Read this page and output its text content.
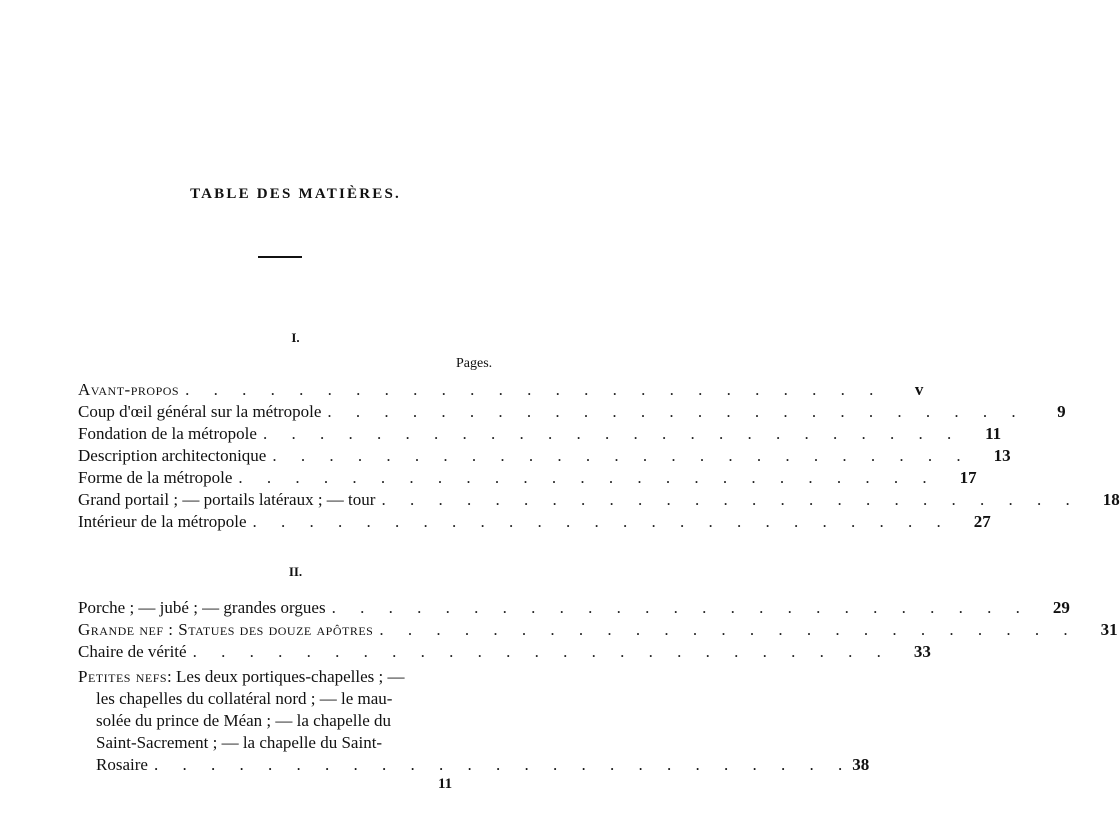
TABLE DES MATIÈRES.
I.
Pages.
Avant-propos . . . . . . . . . . . . . . . . . . . . . . . . .	v
Coup d'œil général sur la métropole . . . . . . . . . . . . . . . . . . . . . . . . .	9
Fondation de la métropole . . . . . . . . . . . . . . . . . . . . . . . . .	11
Description architectonique . . . . . . . . . . . . . . . . . . . . . . . . .	13
Forme de la métropole . . . . . . . . . . . . . . . . . . . . . . . . .	17
Grand portail ; — portails latéraux ; — tour . . . . . . . . . . . . . . . . . . . . . . . . .	18
Intérieur de la métropole . . . . . . . . . . . . . . . . . . . . . . . . .	27
II.
Porche ; — jubé ; — grandes orgues . . . . . . . . . . . . . . . . . . . . . . . . .	29
Grande nef : Statues des douze apôtres . . . . . . . . . . . . . . . . . . . . . . . . .	31
Chaire de vérité . . . . . . . . . . . . . . . . . . . . . . . . .	33
Petites nefs: Les deux portiques-chapelles ; —
les chapelles du collatéral nord ; — le mau-
solée du prince de Méan ; — la chapelle du
Saint-Sacrement ; — la chapelle du Saint-
Rosaire . . . . . . . . . . . . . . . . . . . . . . . . . 38
11
